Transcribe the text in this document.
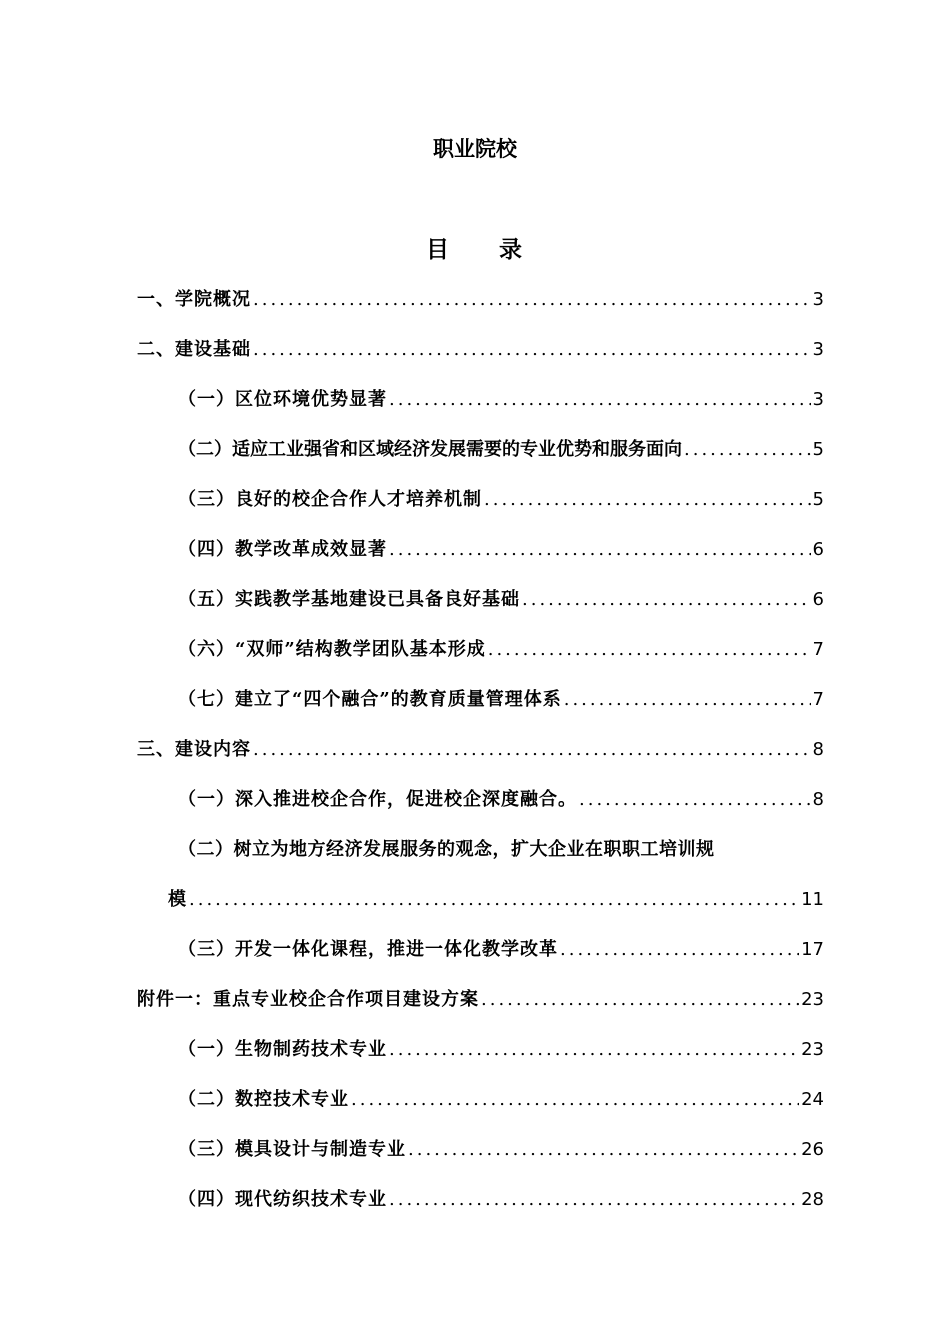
职业院校
目 录
一、学院概况 .....	3
二、建设基础 .....	3
（一）区位环境优势显著 .....	3
（二）适应工业强省和区域经济发展需要的专业优势和服务面向 .....	5
（三）良好的校企合作人才培养机制 .....	5
（四）教学改革成效显著 .....	6
（五）实践教学基地建设已具备良好基础 .....	6
（六）“双师”结构教学团队基本形成 .....	7
（七）建立了“四个融合”的教育质量管理体系 .....	7
三、建设内容 .....	8
（一）深入推进校企合作，促进校企深度融合。 .....	8
（二）树立为地方经济发展服务的观念，扩大企业在职职工培训规
模 .....	11
（三）开发一体化课程，推进一体化教学改革 .....	17
附件一：重点专业校企合作项目建设方案 .....	23
（一）生物制药技术专业 .....	23
（二）数控技术专业 .....	24
（三）模具设计与制造专业 .....	26
（四）现代纺织技术专业 .....	28
